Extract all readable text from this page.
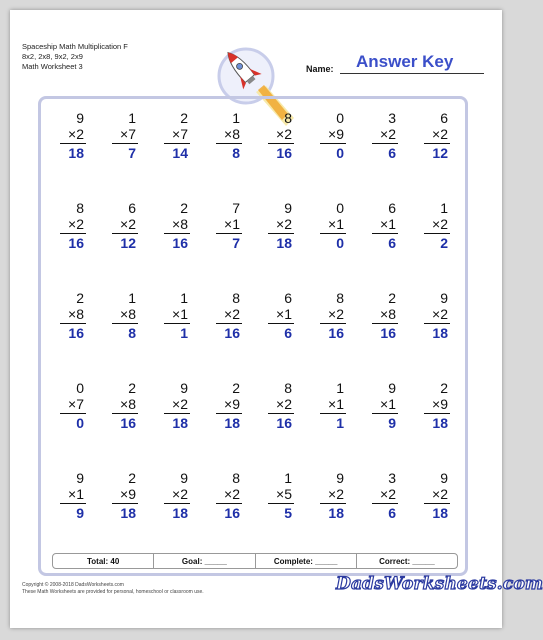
Spaceship Math Multiplication F
8x2, 2x8, 9x2, 2x9
Math Worksheet 3	Name: Answer Key
9
×2
18
1
×7
7
2
×7
14
1
×8
8
8
×2
16
0
×9
0
3
×2
6
6
×2
12
8
×2
16
6
×2
12
2
×8
16
7
×1
7
9
×2
18
0
×1
0
6
×1
6
1
×2
2
2
×8
16
1
×8
8
1
×1
1
8
×2
16
6
×1
6
8
×2
16
2
×8
16
9
×2
18
0
×7
0
2
×8
16
9
×2
18
2
×9
18
8
×2
16
1
×1
1
9
×1
9
2
×9
18
9
×1
9
2
×9
18
9
×2
18
8
×2
16
1
×5
5
9
×2
18
3
×2
6
9
×2
18
Total: 40	Goal: _____	Complete: _____	Correct: _____
Copyright © 2008-2018 DadsWorksheets.com
These Math Worksheets are provided for personal, homeschool or classroom use.	DadsWorksheets.com
